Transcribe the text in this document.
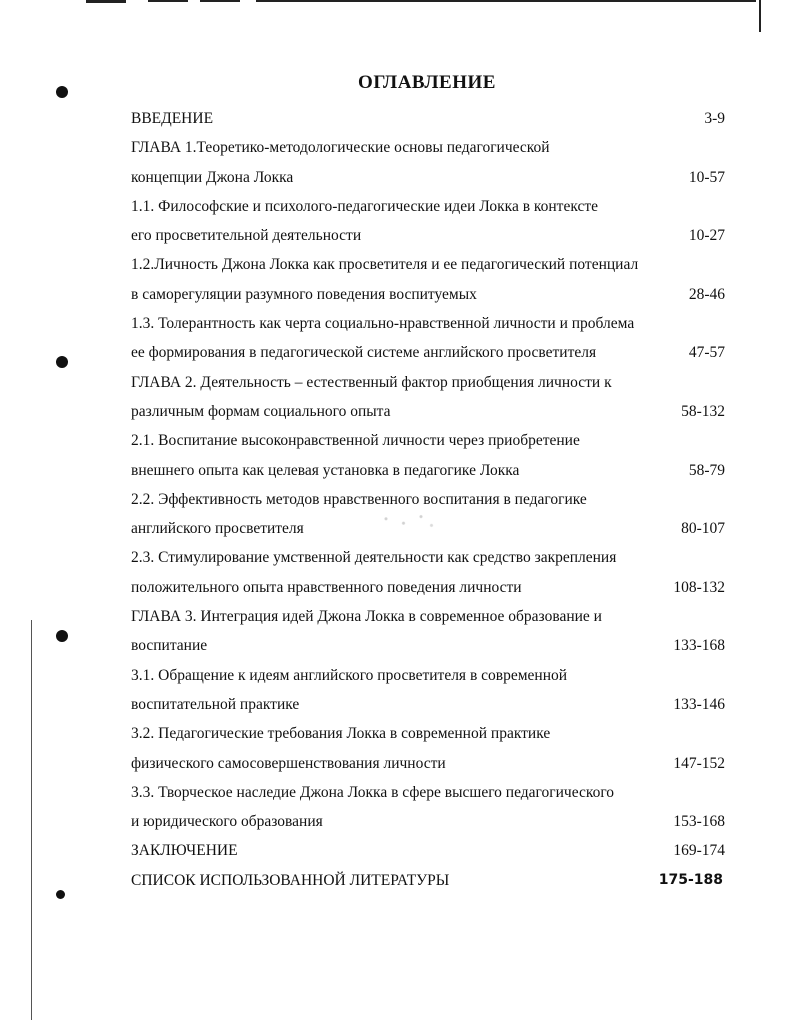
ОГЛАВЛЕНИЕ
ВВЕДЕНИЕ	3-9
ГЛАВА 1.Теоретико-методологические основы педагогической
концепции Джона Локка	10-57
1.1. Философские и психолого-педагогические идеи Локка в контексте
его просветительной деятельности	10-27
1.2.Личность Джона Локка как просветителя и ее педагогический потенциал
в саморегуляции разумного поведения воспитуемых	28-46
1.3. Толерантность как черта социально-нравственной личности и проблема
ее формирования в педагогической системе английского просветителя	47-57
ГЛАВА 2. Деятельность – естественный фактор приобщения личности к
различным формам социального опыта	58-132
2.1. Воспитание высоконравственной личности через приобретение
внешнего опыта как целевая установка в педагогике Локка	58-79
2.2. Эффективность методов нравственного воспитания в педагогике
английского просветителя	80-107
2.3. Стимулирование умственной деятельности как средство закрепления
положительного опыта нравственного поведения личности	108-132
ГЛАВА 3. Интеграция идей Джона Локка в современное образование и
воспитание	133-168
3.1. Обращение к идеям английского просветителя в современной
воспитательной практике	133-146
3.2. Педагогические требования Локка в современной практике
физического самосовершенствования личности	147-152
3.3. Творческое наследие Джона Локка в сфере высшего педагогического
и юридического образования	153-168
ЗАКЛЮЧЕНИЕ	169-174
СПИСОК ИСПОЛЬЗОВАННОЙ ЛИТЕРАТУРЫ	175-188
